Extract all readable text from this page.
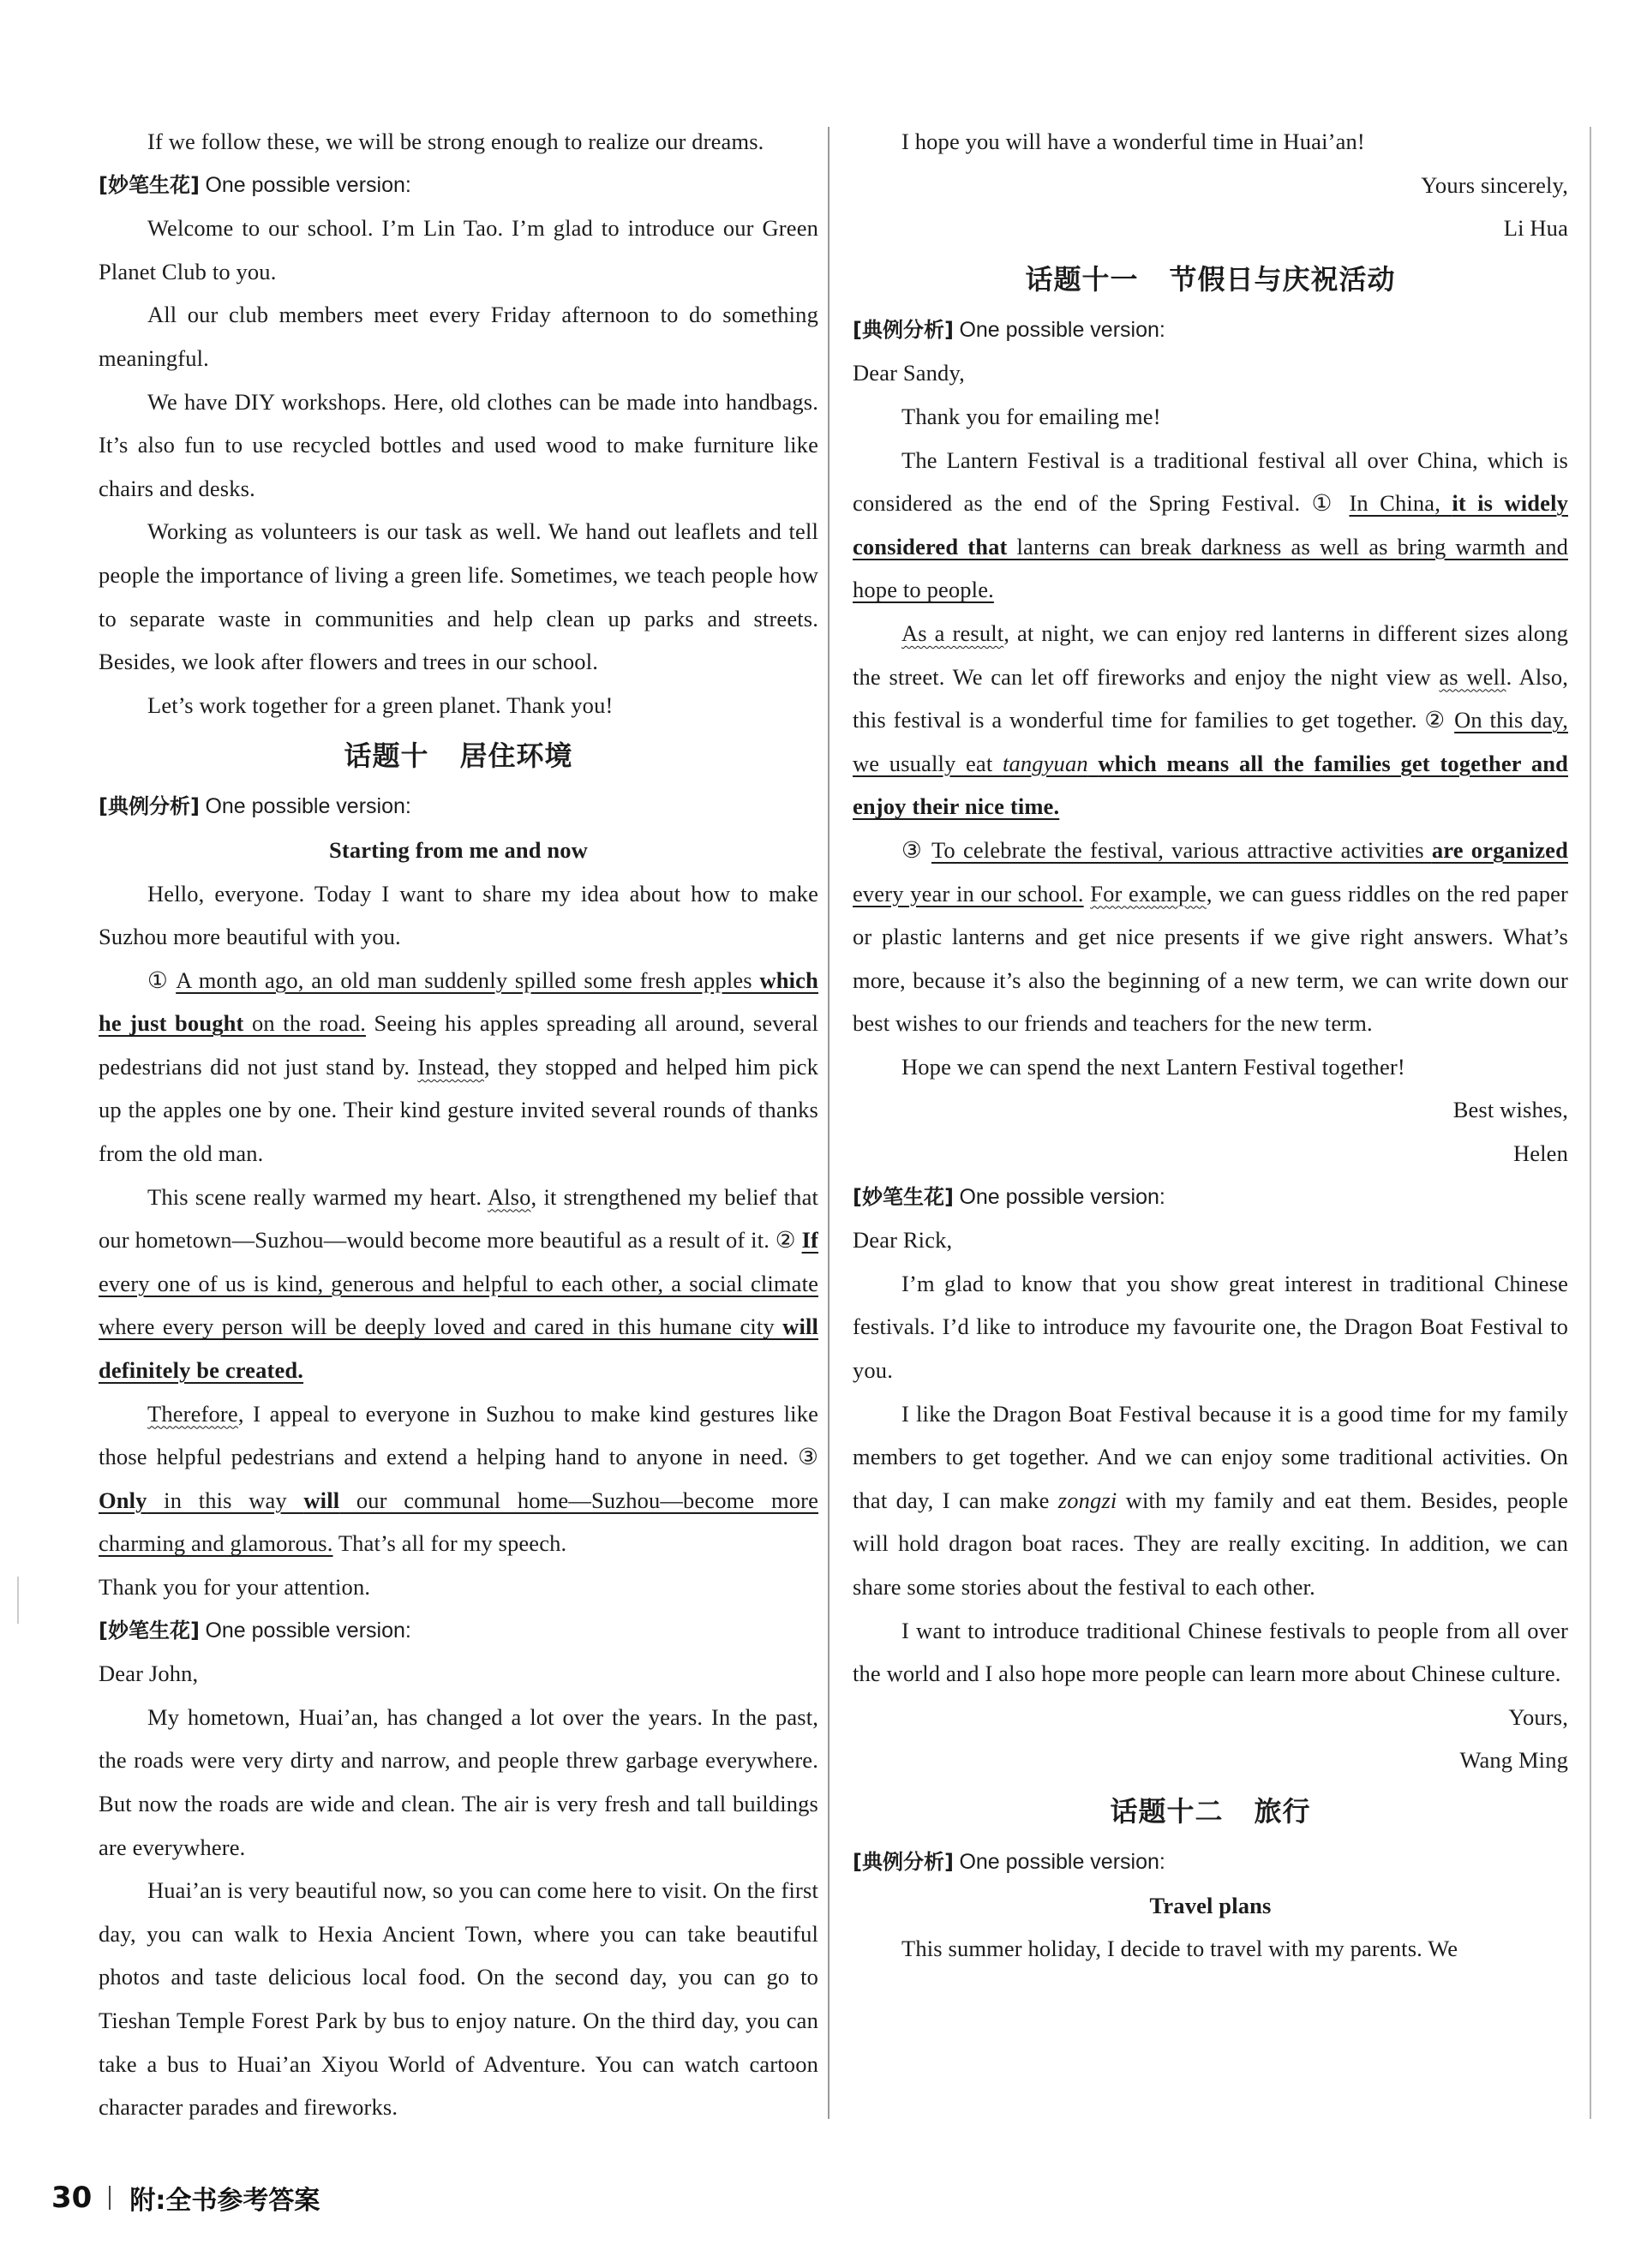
If we follow these, we will be strong enough to realize our dreams.

[妙笔生花] One possible version:

Welcome to our school. I’m Lin Tao. I’m glad to introduce our Green Planet Club to you.

All our club members meet every Friday afternoon to do something meaningful.

We have DIY workshops. Here, old clothes can be made into handbags. It’s also fun to use recycled bottles and used wood to make furniture like chairs and desks.

Working as volunteers is our task as well. We hand out leaflets and tell people the importance of living a green life. Sometimes, we teach people how to separate waste in communities and help clean up parks and streets. Besides, we look after flowers and trees in our school.

Let’s work together for a green planet. Thank you!

话题十 居住环境

[典例分析] One possible version:

Starting from me and now

Hello, everyone. Today I want to share my idea about how to make Suzhou more beautiful with you.

① A month ago, an old man suddenly spilled some fresh apples which he just bought on the road. Seeing his apples spreading all around, several pedestrians did not just stand by. Instead, they stopped and helped him pick up the apples one by one. Their kind gesture invited several rounds of thanks from the old man.

This scene really warmed my heart. Also, it strengthened my belief that our hometown—Suzhou—would become more beautiful as a result of it. ② If every one of us is kind, generous and helpful to each other, a social climate where every person will be deeply loved and cared in this humane city will definitely be created.

Therefore, I appeal to everyone in Suzhou to make kind gestures like those helpful pedestrians and extend a helping hand to anyone in need. ③ Only in this way will our communal home—Suzhou—become more charming and glamorous. That’s all for my speech.

Thank you for your attention.

[妙笔生花] One possible version:

Dear John,

My hometown, Huai’an, has changed a lot over the years. In the past, the roads were very dirty and narrow, and people threw garbage everywhere. But now the roads are wide and clean. The air is very fresh and tall buildings are everywhere.

Huai’an is very beautiful now, so you can come here to visit. On the first day, you can walk to Hexia Ancient Town, where you can take beautiful photos and taste delicious local food. On the second day, you can go to Tieshan Temple Forest Park by bus to enjoy nature. On the third day, you can take a bus to Huai’an Xiyou World of Adventure. You can watch cartoon character parades and fireworks.

I hope you will have a wonderful time in Huai’an!

Yours sincerely,

Li Hua

话题十一 节假日与庆祝活动

[典例分析] One possible version:

Dear Sandy,

Thank you for emailing me!

The Lantern Festival is a traditional festival all over China, which is considered as the end of the Spring Festival. ① In China, it is widely considered that lanterns can break darkness as well as bring warmth and hope to people.

As a result, at night, we can enjoy red lanterns in different sizes along the street. We can let off fireworks and enjoy the night view as well. Also, this festival is a wonderful time for families to get together. ② On this day, we usually eat tangyuan which means all the families get together and enjoy their nice time.

③ To celebrate the festival, various attractive activities are organized every year in our school. For example, we can guess riddles on the red paper or plastic lanterns and get nice presents if we give right answers. What’s more, because it’s also the beginning of a new term, we can write down our best wishes to our friends and teachers for the new term.

Hope we can spend the next Lantern Festival together!

Best wishes,

Helen

[妙笔生花] One possible version:

Dear Rick,

I’m glad to know that you show great interest in traditional Chinese festivals. I’d like to introduce my favourite one, the Dragon Boat Festival to you.

I like the Dragon Boat Festival because it is a good time for my family members to get together. And we can enjoy some traditional activities. On that day, I can make zongzi with my family and eat them. Besides, people will hold dragon boat races. They are really exciting. In addition, we can share some stories about the festival to each other.

I want to introduce traditional Chinese festivals to people from all over the world and I also hope more people can learn more about Chinese culture.

Yours,

Wang Ming

话题十二 旅行

[典例分析] One possible version:

Travel plans

This summer holiday, I decide to travel with my parents. We

30 附:全书参考答案
